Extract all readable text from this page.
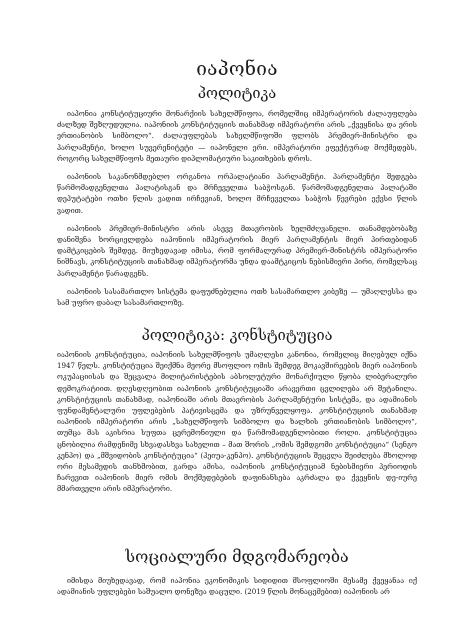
იაპონია
პოლიტიკა

იაპონია კონსტიტუციური მონარქიის სახელმწიფოა, რომელშიც იმპერატორის ძალაუფლება ძალზედ შეზღუდულია. იაპონიის კონსტიტუციის თანახმად იმპერატორი არის „ქვეყნისა და ერის ერთიანობის სიმბოლო“. ძალაუფლებას სახელმწიფოში ფლობს პრემიერ-მინისტრი და პარლამენტი, ხოლო სუვერენიტეტი — იაპონელი ერი. იმპერატორი ეფექტურად მოქმედებს, როგორც სახელმწიფოს მეთაური დიპლომატიური საკითხების დროს.

იაპონიის საკანონმდებლო ორგანოა ორპალატიანი პარლამენტი. პარლამენტი შედგება წარმომადგენელთა პალატისგან და მრჩეველთა საბჭოსგან. წარმომადგენელთა პალატაში დეპუტატები ოთხი წლის ვადით ირჩევიან, ხოლო მრჩეველთა საბჭოს წევრები ექვსი წლის ვადით.

იაპონიის პრემიერ-მინისტრი არის ასევე მთავრობის ხელმძღვანელი. თანამდებობაზე დანიშვნა ხორციელდება იაპონიის იმპერატორის მიერ პარლამენტის მიერ პირთებიდან დამტკიცების შემდეგ. მიუხედავად იმისა, რომ ფორმალურად პრემიერ-მინისტრს იმპერატორი ნიშნავს, კონსტიტუციის თანახმად იმპერატორმა უნდა დაამტკიცოს ნებისმიერი პირი, რომელსაც პარლამენტი წარადგენს.

იაპონიის სასამართლო სისტემა დაფუძნებულია ოთხ სასამართლო კიბეზე — უმაღლესსა და სამ უფრო დაბალ სასამართლოზე.

პოლიტიკა: კონსტიტუცია

იაპონიის კონსტიტუცია, იაპონიის სახელმწიფოს უმაღლესი კანონია, რომელიც მიღებულ იქნა 1947 წელს. კონსტიტუცია შეიქმნა მეორე მსოფლიო ომის შემდეგ მოკავშირეების მიერ იაპონიის ოკუპაციისას და შეცვალა მილიტარისტების აბსოლუტური მონარქიული წყობა ლიბერალური დემოკრატიით. დღესდღეობით იაპონიის კონსტიტუციაში არავერთი ცვლილება არ შეტანილა. კონსტიტუციის თანახმად, იაპონიაში არის მთავრობის პარლამენტური სისტემა, და ადამიანის ფუნდამენტალური უფლებების პატივისცემა და უზრუნველყოფა. კონსტიტუციის თანახმად იაპონიის იმპერატორი არის „სახელმწიფოს სიმბოლო და ხალხის ერთიანობის სიმბოლო“, თუმცა მას აკისრია სუფთა ცერემონიული და წარმომადგენლობითი როლი. კონსტიტუცია ცნობილია რამდენიმე სხვადასხვა სახელით – მათ შორის „ომის შემდგომი კონსტიტუცია“ (სენგო კენპო) და „მშვიდობის კონსტიტუცია“ (ჰეიუა-კენპო). კონსტიტუციის შეცვლა შეიძლება მხოლოდ ორი მესამედის თანხმობით, გარდა ამისა, იაპონიის კონსტიტუციამ ნებისმიერი პერიოდის ჩარევით იაპონიის მიერ ომის მოქმედებების დაფინანსება აკრძალა და ქვეყნის დე-იურე მმართველი არის იმპერატორი.

სოციალური მდგომარეობა

იმისდა მიუხედავად, რომ იაპონია ეკონომიკის სიდიდით მსოფლიოში მესამე ქვეყანაა იქ ადამიანის უფლებები საშუალო დონეზეა დაცული. (2019 წლის მონაცემებით) იაპონიის არ
